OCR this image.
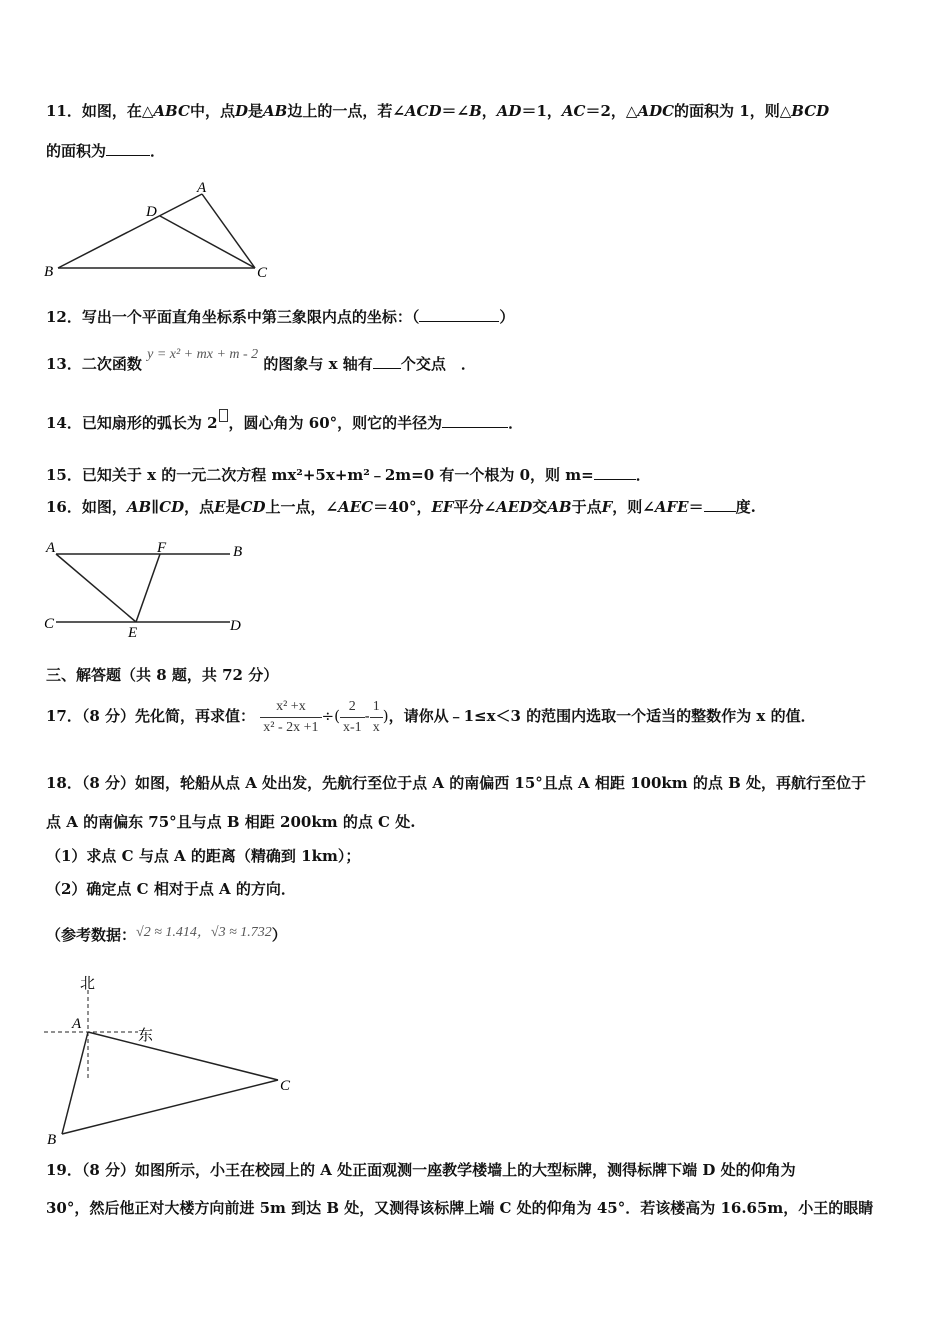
11．如图，在△ABC中，点D是AB边上的一点，若∠ACD＝∠B，AD＝1，AC＝2，△ADC的面积为 1，则△BCD
的面积为	．
A
B	C
D
12．写出一个平面直角坐标系中第三象限内点的坐标：（	）
13．二次函数 y = x² + mx + m - 2 的图象与 x 轴有 个交点　．
14．已知扇形的弧长为 2 ，圆心角为 60°，则它的半径为	．
15．已知关于 x 的一元二次方程 mx²+5x+m²﹣2m=0 有一个根为 0，则 m=	．
16．如图，AB∥CD，点E是CD上一点，∠AEC＝40°，EF平分∠AED交AB于点F，则∠AFE＝ 度.
A	F	B
C
E	D
三、解答题（共 8 题，共 72 分）
17．（8 分）先化简，再求值： $\frac{\text{x² +x}}{\text{x² - 2x +1}}$ ÷( $\frac{2}{x-1} - \frac{1}{x}$ )，请你从﹣1≤x＜3 的范围内选取一个适当的整数作为 x 的值．
18．（8 分）如图，轮船从点 A 处出发，先航行至位于点 A 的南偏西 15°且点 A 相距 100km 的点 B 处，再航行至位于
点 A 的南偏东 75°且与点 B 相距 200km 的点 C 处.
（1）求点 C 与点 A 的距离（精确到 1km）；
（2）确定点 C 相对于点 A 的方向．
（参考数据：√2 ≈ 1.414，√3 ≈ 1.732）
北
东
A
B
C
19．（8 分）如图所示，小王在校园上的 A 处正面观测一座教学楼墙上的大型标牌，测得标牌下端 D 处的仰角为
30°，然后他正对大楼方向前进 5m 到达 B 处，又测得该标牌上端 C 处的仰角为 45°．若该楼高为 16.65m，小王的眼睛
